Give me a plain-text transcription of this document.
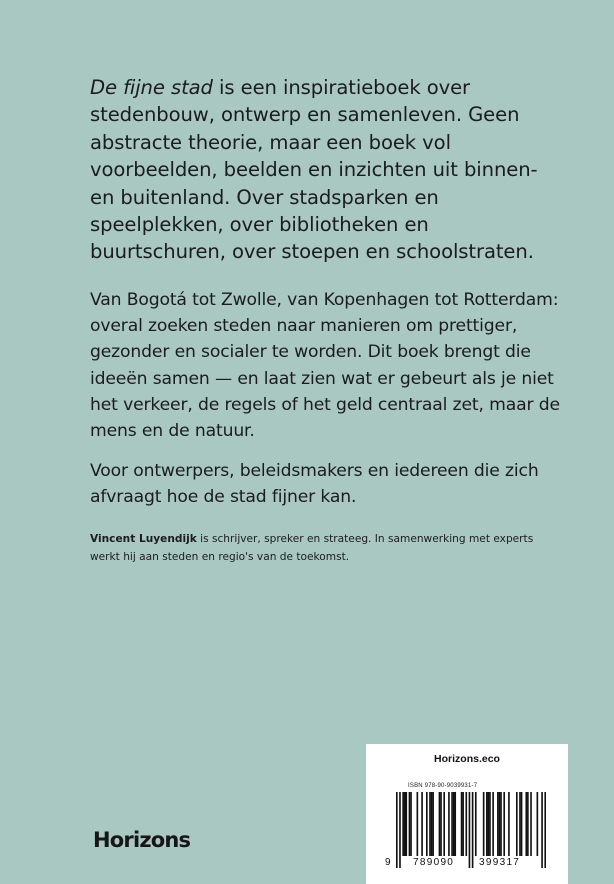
De fijne stad is een inspiratieboek over stedenbouw, ontwerp en samenleven. Geen abstracte theorie, maar een boek vol voorbeelden, beelden en inzichten uit binnen- en buitenland. Over stadsparken en speelplekken, over bibliotheken en buurtschuren, over stoepen en schoolstraten.

Van Bogotá tot Zwolle, van Kopenhagen tot Rotterdam: overal zoeken steden naar manieren om prettiger, gezonder en socialer te worden. Dit boek brengt die ideeën samen — en laat zien wat er gebeurt als je niet het verkeer, de regels of het geld centraal zet, maar de mens en de natuur.

Voor ontwerpers, beleidsmakers en iedereen die zich afvraagt hoe de stad fijner kan.

Vincent Luyendijk is schrijver, spreker en strateeg. In samenwerking met experts werkt hij aan steden en regio's van de toekomst.

Horizons
Horizons.eco
ISBN 978-90-9039931-7
9 789090 399317
